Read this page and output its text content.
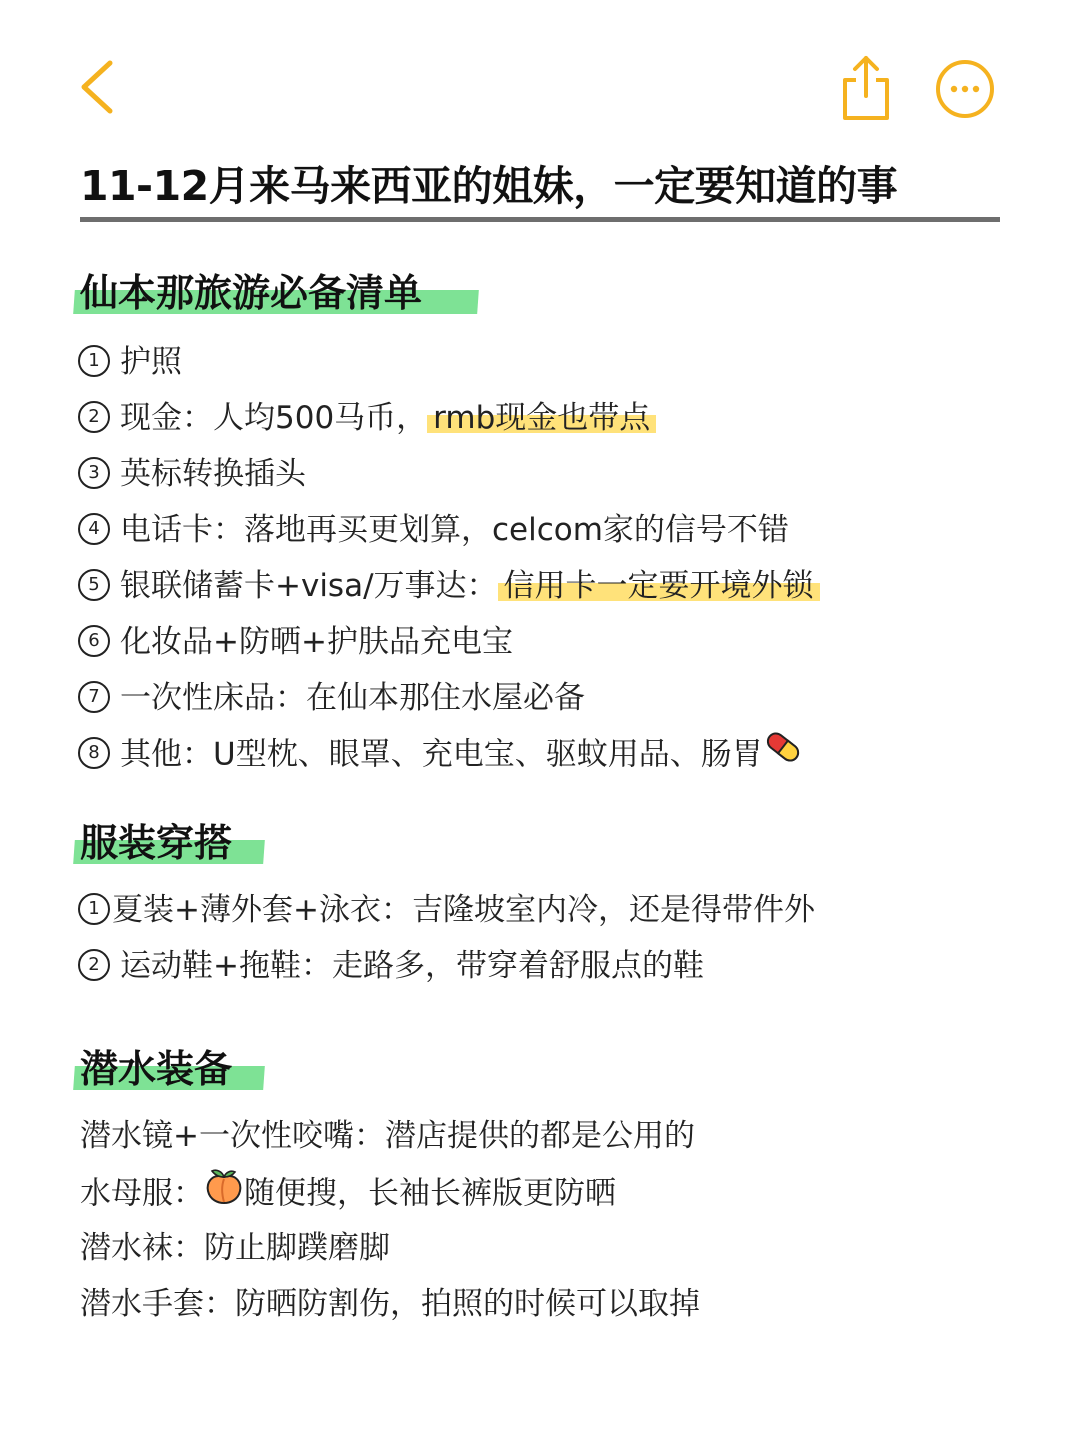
11-12月来马来西亚的姐妹，一定要知道的事
仙本那旅游必备清单
1 护照
2 现金：人均500马币， rmb现金也带点
3 英标转换插头
4 电话卡：落地再买更划算，celcom家的信号不错
5 银联储蓄卡+visa/万事达： 信用卡一定要开境外锁
6 化妆品+防晒+护肤品充电宝
7 一次性床品：在仙本那住水屋必备
8 其他：U型枕、眼罩、充电宝、驱蚊用品、肠胃
服装穿搭
1 夏装+薄外套+泳衣：吉隆坡室内冷，还是得带件外
2 运动鞋+拖鞋：走路多，带穿着舒服点的鞋
潜水装备
潜水镜+一次性咬嘴：潜店提供的都是公用的
水母服： 随便搜，长袖长裤版更防晒
潜水袜：防止脚蹼磨脚
潜水手套：防晒防割伤，拍照的时候可以取掉
